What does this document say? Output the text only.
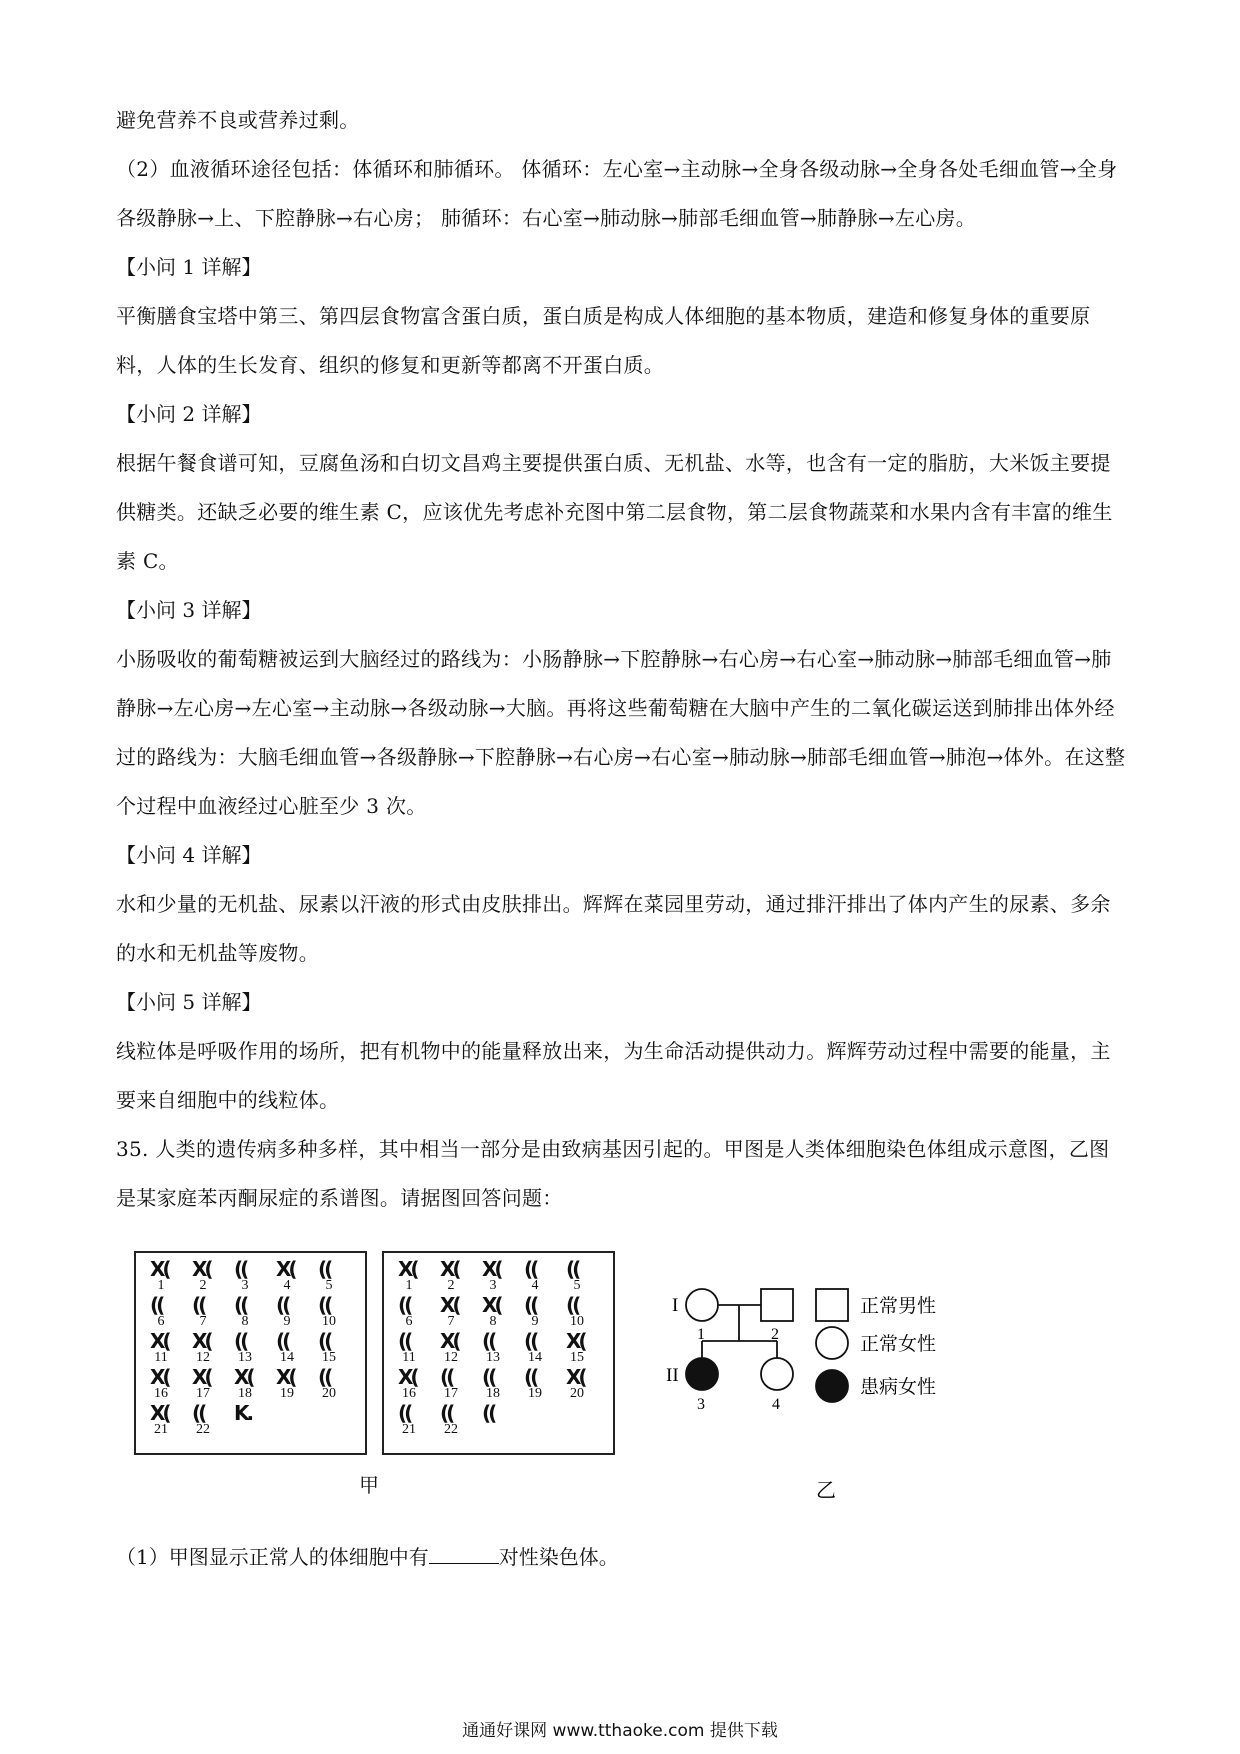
避免营养不良或营养过剩。

（2）血液循环途径包括：体循环和肺循环。 体循环：左心室→主动脉→全身各级动脉→全身各处毛细血管→全身各级静脉→上、下腔静脉→右心房； 肺循环：右心室→肺动脉→肺部毛细血管→肺静脉→左心房。

【小问 1 详解】

平衡膳食宝塔中第三、第四层食物富含蛋白质，蛋白质是构成人体细胞的基本物质，建造和修复身体的重要原料，人体的生长发育、组织的修复和更新等都离不开蛋白质。

【小问 2 详解】

根据午餐食谱可知，豆腐鱼汤和白切文昌鸡主要提供蛋白质、无机盐、水等，也含有一定的脂肪，大米饭主要提供糖类。还缺乏必要的维生素 C，应该优先考虑补充图中第二层食物，第二层食物蔬菜和水果内含有丰富的维生素 C。

【小问 3 详解】

小肠吸收的葡萄糖被运到大脑经过的路线为：小肠静脉→下腔静脉→右心房→右心室→肺动脉→肺部毛细血管→肺静脉→左心房→左心室→主动脉→各级动脉→大脑。再将这些葡萄糖在大脑中产生的二氧化碳运送到肺排出体外经过的路线为：大脑毛细血管→各级静脉→下腔静脉→右心房→右心室→肺动脉→肺部毛细血管→肺泡→体外。在这整个过程中血液经过心脏至少 3 次。

【小问 4 详解】

水和少量的无机盐、尿素以汗液的形式由皮肤排出。辉辉在菜园里劳动，通过排汗排出了体内产生的尿素、多余的水和无机盐等废物。

【小问 5 详解】

线粒体是呼吸作用的场所，把有机物中的能量释放出来，为生命活动提供动力。辉辉劳动过程中需要的能量，主要来自细胞中的线粒体。

35. 人类的遗传病多种多样，其中相当一部分是由致病基因引起的。甲图是人类体细胞染色体组成示意图，乙图是某家庭苯丙酮尿症的系谱图。请据图回答问题：

X(
1
X(
2
((
3
X(
4
((
5
((
6
((
7
((
8
((
9
((
10
X(
11
X(
12
((
13
((
14
((
15
X(
16
X(
17
X(
18
X(
19
((
20
X(
21
((
22
K.
X(
1
X(
2
X(
3
((
4
((
5
((
6
X(
7
X(
8
((
9
((
10
((
11
X(
12
((
13
((
14
X(
15
X(
16
((
17
((
18
((
19
X(
20
((
21
((
22
((
甲
I
1	2
II
3	4
正常男性
正常女性
患病女性
乙

（1）甲图显示正常人的体细胞中有	对性染色体。

通通好课网 www.tthaoke.com 提供下载
